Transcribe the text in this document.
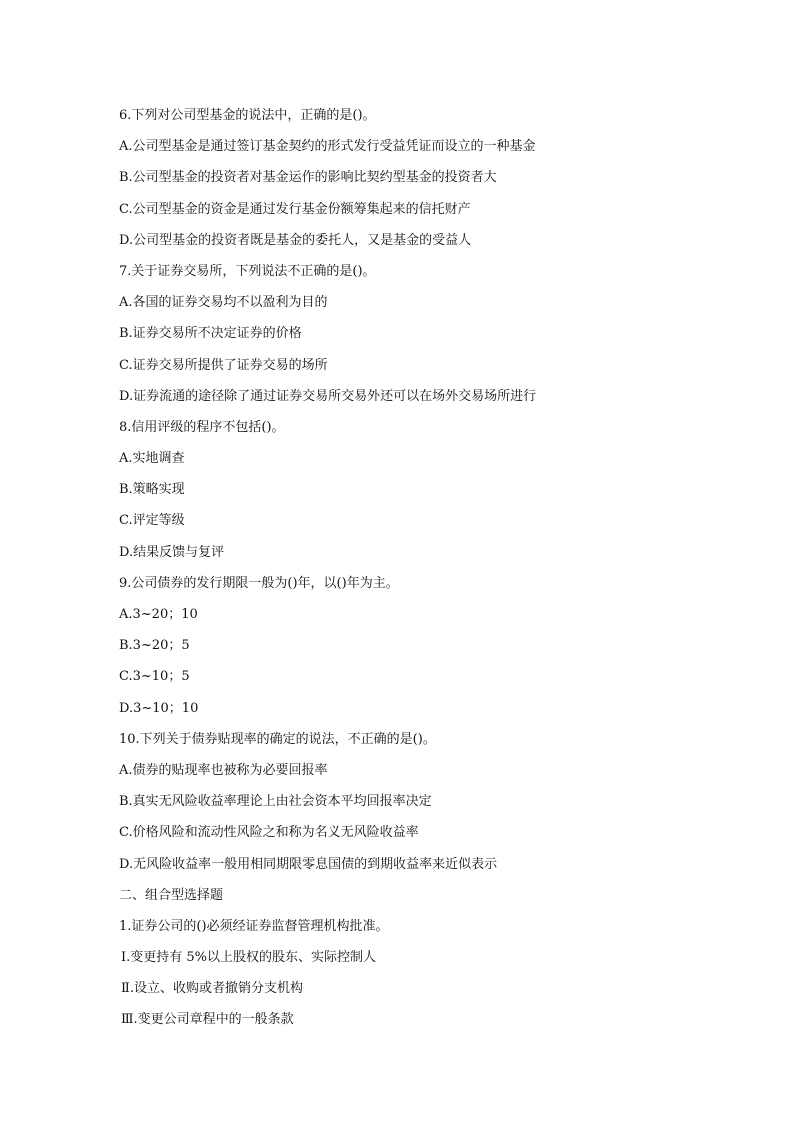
6.下列对公司型基金的说法中，正确的是()。
A.公司型基金是通过签订基金契约的形式发行受益凭证而设立的一种基金
B.公司型基金的投资者对基金运作的影响比契约型基金的投资者大
C.公司型基金的资金是通过发行基金份额筹集起来的信托财产
D.公司型基金的投资者既是基金的委托人，又是基金的受益人
7.关于证券交易所，下列说法不正确的是()。
A.各国的证券交易均不以盈利为目的
B.证券交易所不决定证券的价格
C.证券交易所提供了证券交易的场所
D.证券流通的途径除了通过证券交易所交易外还可以在场外交易场所进行
8.信用评级的程序不包括()。
A.实地调查
B.策略实现
C.评定等级
D.结果反馈与复评
9.公司债券的发行期限一般为()年，以()年为主。
A.3~20；10
B.3~20；5
C.3~10；5
D.3~10；10
10.下列关于债券贴现率的确定的说法，不正确的是()。
A.债券的贴现率也被称为必要回报率
B.真实无风险收益率理论上由社会资本平均回报率决定
C.价格风险和流动性风险之和称为名义无风险收益率
D.无风险收益率一般用相同期限零息国债的到期收益率来近似表示
二、组合型选择题
1.证券公司的()必须经证券监督管理机构批准。
Ⅰ.变更持有 5%以上股权的股东、实际控制人
Ⅱ.设立、收购或者撤销分支机构
Ⅲ.变更公司章程中的一般条款
